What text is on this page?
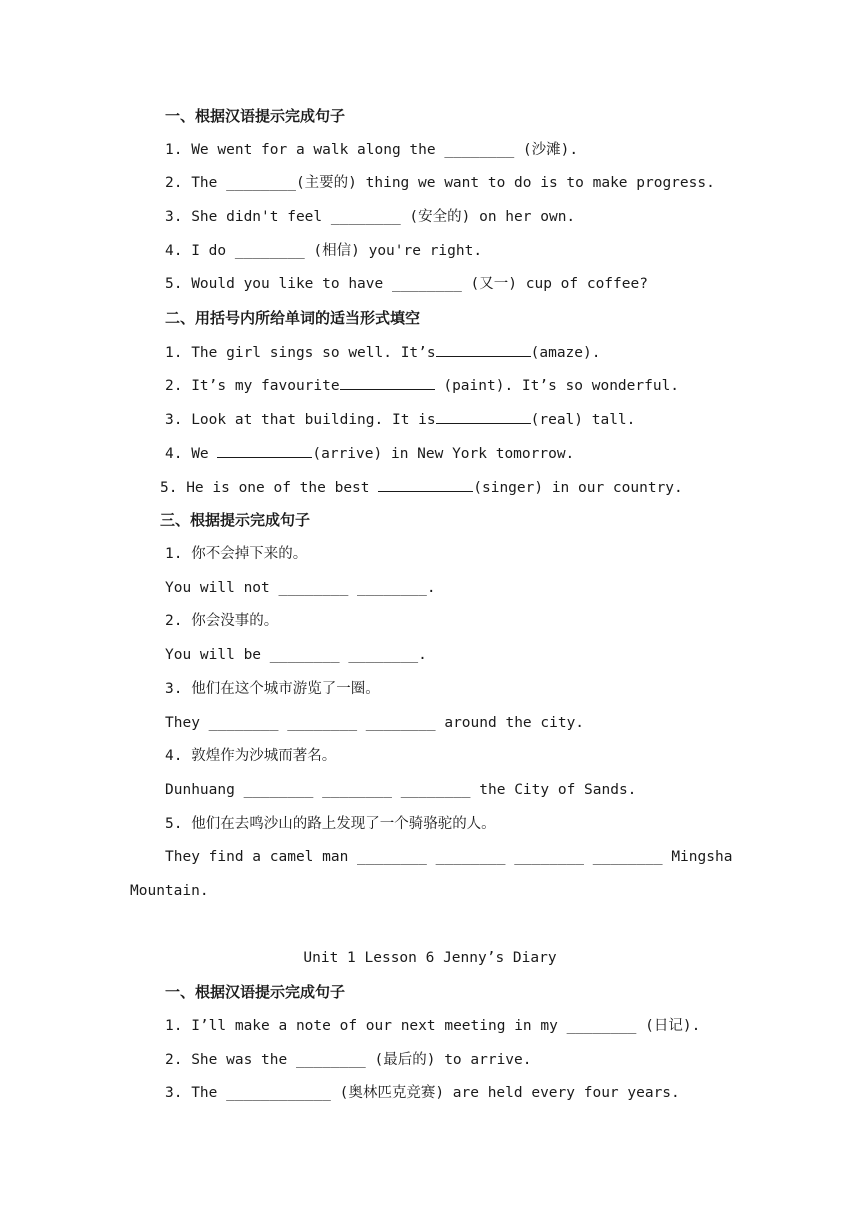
一、根据汉语提示完成句子
1. We went for a walk along the ________ (沙滩).
2. The ________(主要的) thing we want to do is to make progress.
3. She didn't feel ________ (安全的) on her own.
4. I do ________ (相信) you're right.
5. Would you like to have ________ (又一) cup of coffee?
二、用括号内所给单词的适当形式填空
1. The girl sings so well. It’s	(amaze).
2. It’s my favourite	(paint). It’s so wonderful.
3. Look at that building. It is	(real) tall.
4. We	(arrive) in New York tomorrow.
5. He is one of the best	(singer) in our country.
三、根据提示完成句子
1. 你不会掉下来的。
You will not ________ ________.
2. 你会没事的。
You will be ________ ________.
3. 他们在这个城市游览了一圈。
They ________ ________ ________ around the city.
4. 敦煌作为沙城而著名。
Dunhuang ________ ________ ________ the City of Sands.
5. 他们在去鸣沙山的路上发现了一个骑骆驼的人。
They find a camel man ________ ________ ________ ________ Mingsha
Mountain.
Unit 1 Lesson 6 Jenny’s Diary
一、根据汉语提示完成句子
1. I’ll make a note of our next meeting in my ________ (日记).
2. She was the ________ (最后的) to arrive.
3. The ____________ (奥林匹克竞赛) are held every four years.
